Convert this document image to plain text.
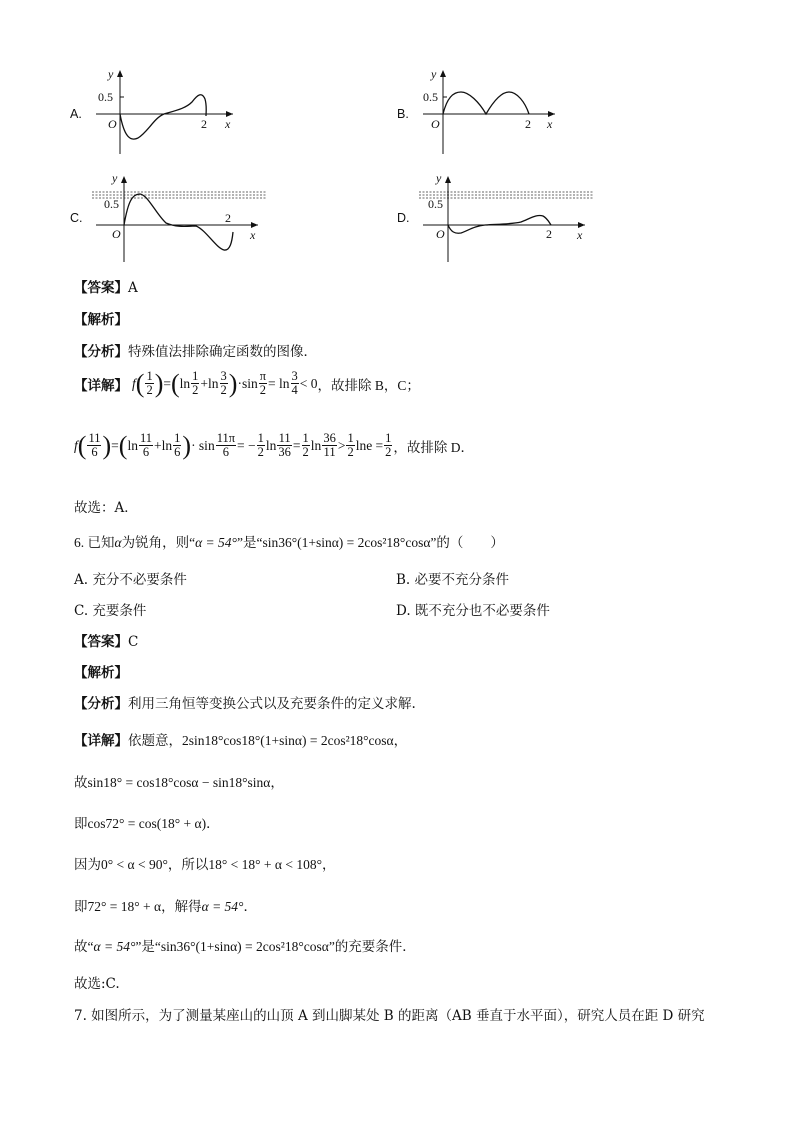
A.
0.5
y
O	2 x
B.
0.5
y
O	2 x
C.
0.5
y
O
2
x
D.
0.5
y
O	2 x
【答案】A
【解析】
【分析】特殊值法排除确定函数的图像．
【详解】 f ( $\frac{1}{2}$ ) = ( $\ln \frac{1}{2} +\ln \frac{3}{2}$ ) · $\sin \frac{\pi}{2} = \ln \frac{3}{4} < 0$ ，故排除 B，C；
f ( $\frac{11}{6}$ ) = ( $\ln \frac{11}{6} +\ln \frac{1}{6}$ ) · $\sin \frac{11\pi}{6}$ = − $\frac{1}{2}$ $\ln \frac{11}{36} = \frac{1}{2}$ $\ln \frac{36}{11} > \frac{1}{2}$ $\ln e = \frac{1}{2}$ ，故排除 D．
故选：A．
6. 已知α为锐角，则“α = 54°”是“sin36°(1+sinα) = 2cos²18°cosα”的（　　）
A. 充分不必要条件	B. 必要不充分条件
C. 充要条件	D. 既不充分也不必要条件
【答案】C
【解析】
【分析】利用三角恒等变换公式以及充要条件的定义求解.
【详解】依题意，2sin18°cos18°(1+sinα) = 2cos²18°cosα，
故sin18° = cos18°cosα − sin18°sinα，
即cos72° = cos(18° + α)．
因为0° < α < 90°，所以18° < 18° + α < 108°，
即72° = 18° + α，解得α = 54°．
故“α = 54°”是“sin36°(1+sinα) = 2cos²18°cosα”的充要条件．
故选:C.
7. 如图所示，为了测量某座山的山顶 A 到山脚某处 B 的距离（AB 垂直于水平面），研究人员在距 D 研究
